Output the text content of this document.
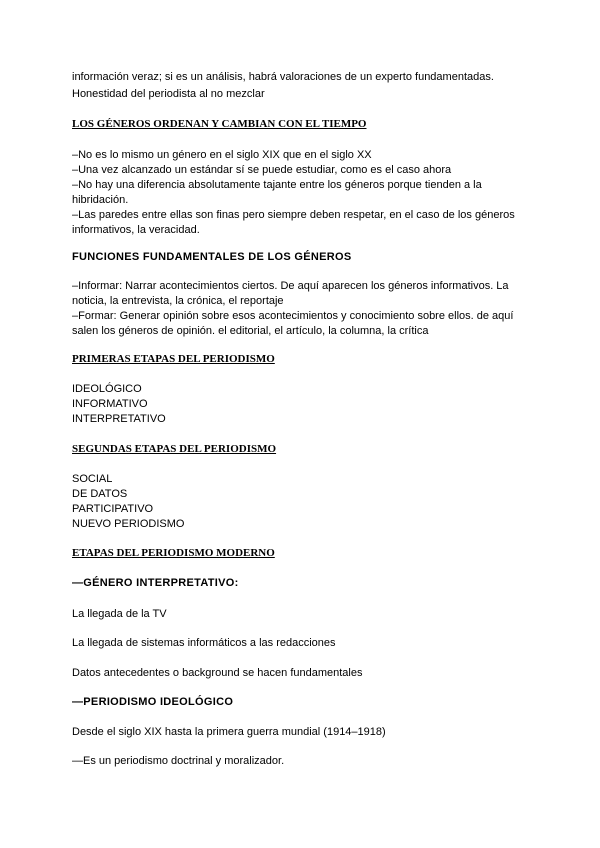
información veraz; si es un análisis, habrá valoraciones de un experto fundamentadas.
Honestidad del periodista al no mezclar
LOS GÉNEROS ORDENAN Y CAMBIAN CON EL TIEMPO
–No es lo mismo un género en el siglo XIX que en el siglo XX
–Una vez alcanzado un estándar sí se puede estudiar, como es el caso ahora
–No hay una diferencia absolutamente tajante entre los géneros porque tienden a la
hibridación.
–Las paredes entre ellas son finas pero siempre deben respetar, en el caso de los géneros
informativos, la veracidad.
FUNCIONES FUNDAMENTALES DE LOS GÉNEROS
–Informar: Narrar acontecimientos ciertos. De aquí aparecen los géneros informativos. La
noticia, la entrevista, la crónica, el reportaje
–Formar: Generar opinión sobre esos acontecimientos y conocimiento sobre ellos. de aquí
salen los géneros de opinión. el editorial, el artículo, la columna, la crítica
PRIMERAS ETAPAS DEL PERIODISMO
IDEOLÓGICO
INFORMATIVO
INTERPRETATIVO
SEGUNDAS ETAPAS DEL PERIODISMO
SOCIAL
DE DATOS
PARTICIPATIVO
NUEVO PERIODISMO
ETAPAS DEL PERIODISMO MODERNO
—GÉNERO INTERPRETATIVO:
La llegada de la TV
La llegada de sistemas informáticos a las redacciones
Datos antecedentes o background se hacen fundamentales
—PERIODISMO IDEOLÓGICO
Desde el siglo XIX hasta la primera guerra mundial (1914–1918)
—Es un periodismo doctrinal y moralizador.
